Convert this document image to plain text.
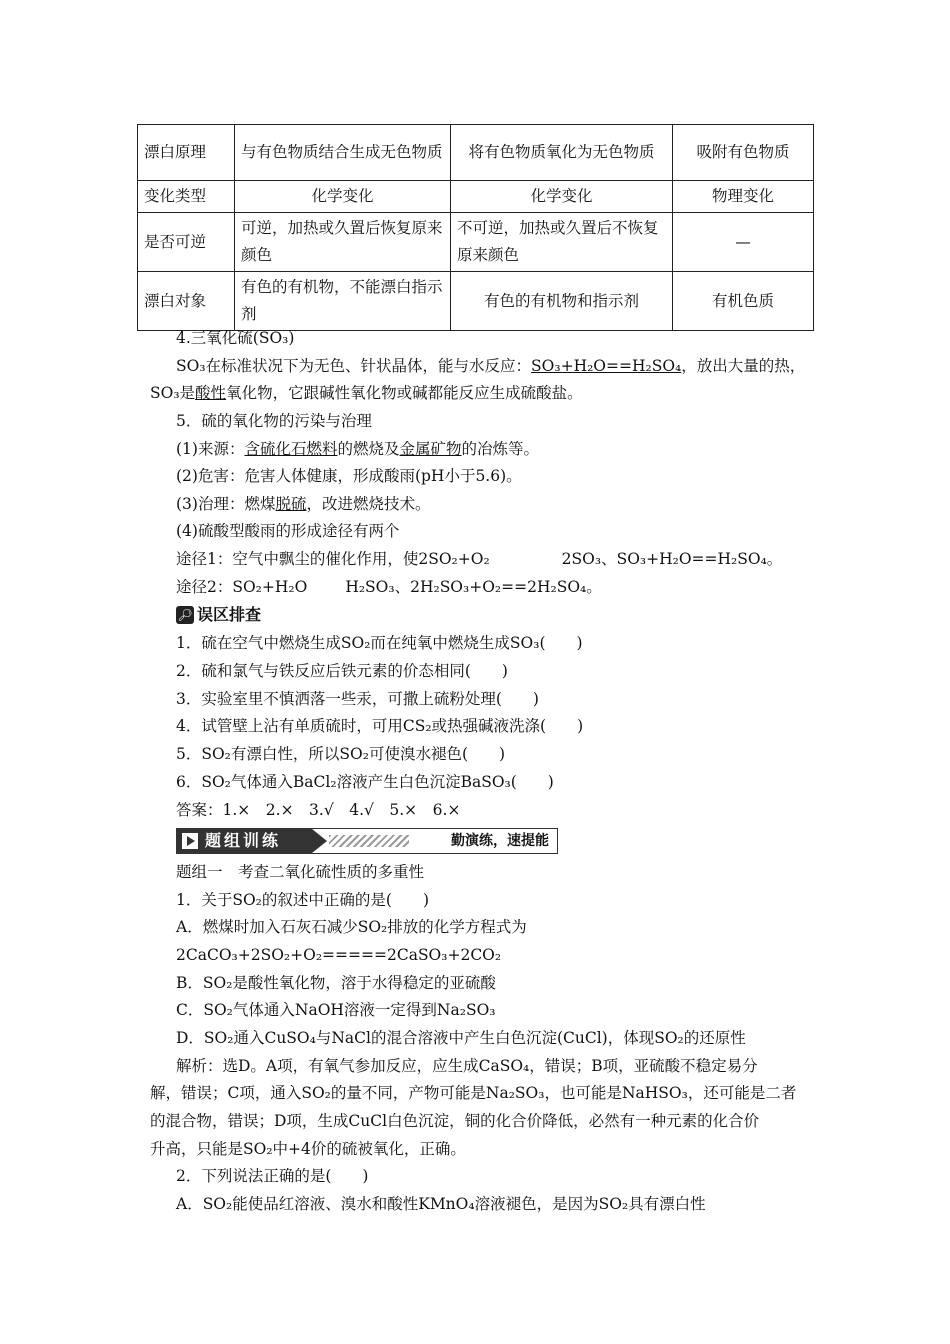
漂白原理	与有色物质结合生成无色物质	将有色物质氧化为无色物质	吸附有色物质
变化类型	化学变化	化学变化	物理变化
是否可逆	可逆，加热或久置后恢复原来颜色	不可逆，加热或久置后不恢复原来颜色	—
漂白对象	有色的有机物，不能漂白指示剂	有色的有机物和指示剂	有机色质
4.三氧化硫(SO₃)
SO₃在标准状况下为无色、针状晶体，能与水反应：SO₃+H₂O==H₂SO₄，放出大量的热，
SO₃是酸性氧化物，它跟碱性氧化物或碱都能反应生成硫酸盐。
5．硫的氧化物的污染与治理
(1)来源：含硫化石燃料的燃烧及金属矿物的冶炼等。
(2)危害：危害人体健康，形成酸雨(pH小于5.6)。
(3)治理：燃煤脱硫，改进燃烧技术。
(4)硫酸型酸雨的形成途径有两个
途径1：空气中飘尘的催化作用，使2SO₂+O₂	2SO₃、SO₃+H₂O==H₂SO₄。
途径2：SO₂+H₂O H₂SO₃、2H₂SO₃+O₂==2H₂SO₄。
🔎︎ 误区排查
1．硫在空气中燃烧生成SO₂而在纯氧中燃烧生成SO₃(　　)
2．硫和氯气与铁反应后铁元素的价态相同(　　)
3．实验室里不慎洒落一些汞，可撒上硫粉处理(　　)
4．试管壁上沾有单质硫时，可用CS₂或热强碱液洗涤(　　)
5．SO₂有漂白性，所以SO₂可使溴水褪色(　　)
6．SO₂气体通入BaCl₂溶液产生白色沉淀BaSO₃(　　)
答案：1.×　2.×　3.√　4.√　5.×　6.×
题组训练	勤演练，速提能
题组一　考查二氧化硫性质的多重性
1．关于SO₂的叙述中正确的是(　　)
A．燃煤时加入石灰石减少SO₂排放的化学方程式为
2CaCO₃+2SO₂+O₂=====2CaSO₃+2CO₂
B．SO₂是酸性氧化物，溶于水得稳定的亚硫酸
C．SO₂气体通入NaOH溶液一定得到Na₂SO₃
D．SO₂通入CuSO₄与NaCl的混合溶液中产生白色沉淀(CuCl)，体现SO₂的还原性
解析：选D。A项，有氧气参加反应，应生成CaSO₄，错误；B项，亚硫酸不稳定易分
解，错误；C项，通入SO₂的量不同，产物可能是Na₂SO₃，也可能是NaHSO₃，还可能是二者
的混合物，错误；D项，生成CuCl白色沉淀，铜的化合价降低，必然有一种元素的化合价
升高，只能是SO₂中+4价的硫被氧化，正确。
2．下列说法正确的是(　　)
A．SO₂能使品红溶液、溴水和酸性KMnO₄溶液褪色，是因为SO₂具有漂白性
